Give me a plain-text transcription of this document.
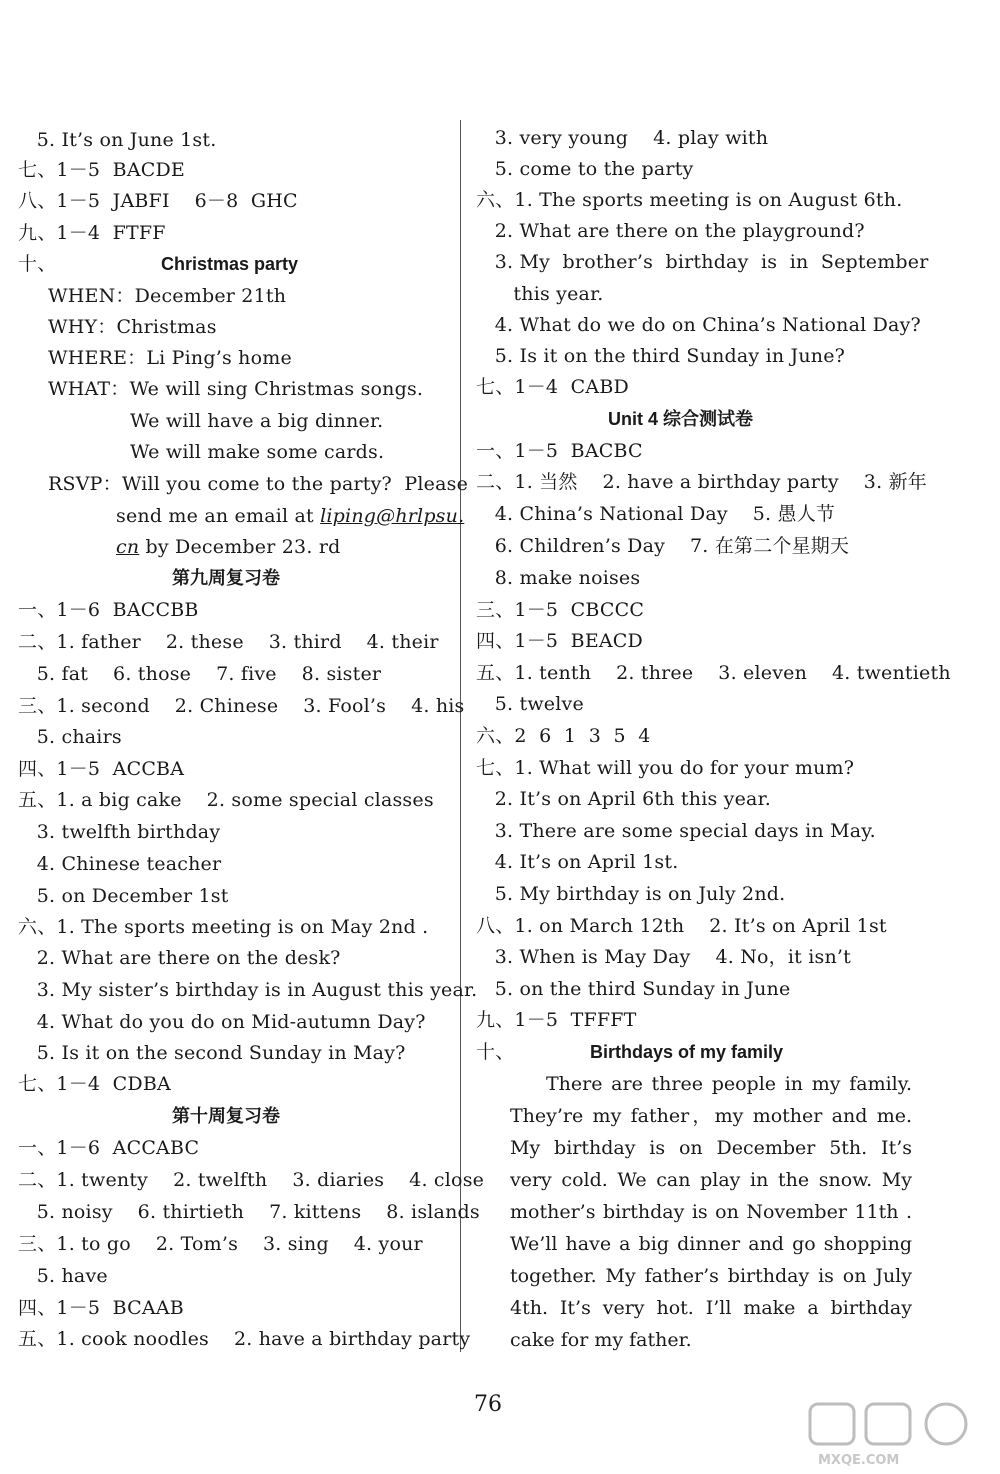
5. It’s on June 1st.
七、1－5  BACDE
八、1－5  JABFI    6－8  GHC
九、1－4  FTFF
十、	Christmas party
WHEN：December 21th
WHY：Christmas
WHERE：Li Ping’s home
WHAT：We will sing Christmas songs.
We will have a big dinner.
We will make some cards.
RSVP：Will you come to the party?  Please
send me an email at liping@hrlpsu.
cn by December 23. rd
第九周复习卷
一、1－6  BACCBB
二、1. father    2. these    3. third    4. their
5. fat    6. those    7. five    8. sister
三、1. second    2. Chinese    3. Fool’s    4. his
5. chairs
四、1－5  ACCBA
五、1. a big cake    2. some special classes
3. twelfth birthday
4. Chinese teacher
5. on December 1st
六、1. The sports meeting is on May 2nd .
2. What are there on the desk?
3. My sister’s birthday is in August this year.
4. What do you do on Mid-autumn Day?
5. Is it on the second Sunday in May?
七、1－4  CDBA
第十周复习卷
一、1－6  ACCABC
二、1. twenty    2. twelfth    3. diaries    4. close
5. noisy    6. thirtieth    7. kittens    8. islands
三、1. to go    2. Tom’s    3. sing    4. your
5. have
四、1－5  BCAAB
五、1. cook noodles    2. have a birthday party
3. very young    4. play with
5. come to the party
六、1. The sports meeting is on August 6th.
2. What are there on the playground?
3. My  brother’s  birthday  is  in  September
this year.
4. What do we do on China’s National Day?
5. Is it on the third Sunday in June?
七、1－4  CABD
Unit 4 综合测试卷
一、1－5  BACBC
二、1. 当然    2. have a birthday party    3. 新年
4. China’s National Day    5. 愚人节
6. Children’s Day    7. 在第二个星期天
8. make noises
三、1－5  CBCCC
四、1－5  BEACD
五、1. tenth    2. three    3. eleven    4. twentieth
5. twelve
六、2  6  1  3  5  4
七、1. What will you do for your mum?
2. It’s on April 6th this year.
3. There are some special days in May.
4. It’s on April 1st.
5. My birthday is on July 2nd.
八、1. on March 12th    2. It’s on April 1st
3. When is May Day    4. No，it isn’t
5. on the third Sunday in June
九、1－5  TFFFT
十、	Birthdays of my family
There are three people in my family. They’re my father，my mother and me. My birthday is on December 5th. It’s very cold. We can play in the snow. My mother’s birthday is on November 11th . We’ll have a big dinner and go shopping together. My father’s birthday is on July 4th. It’s very hot. I’ll make a birthday cake for my father.
76
MXQE.COM
